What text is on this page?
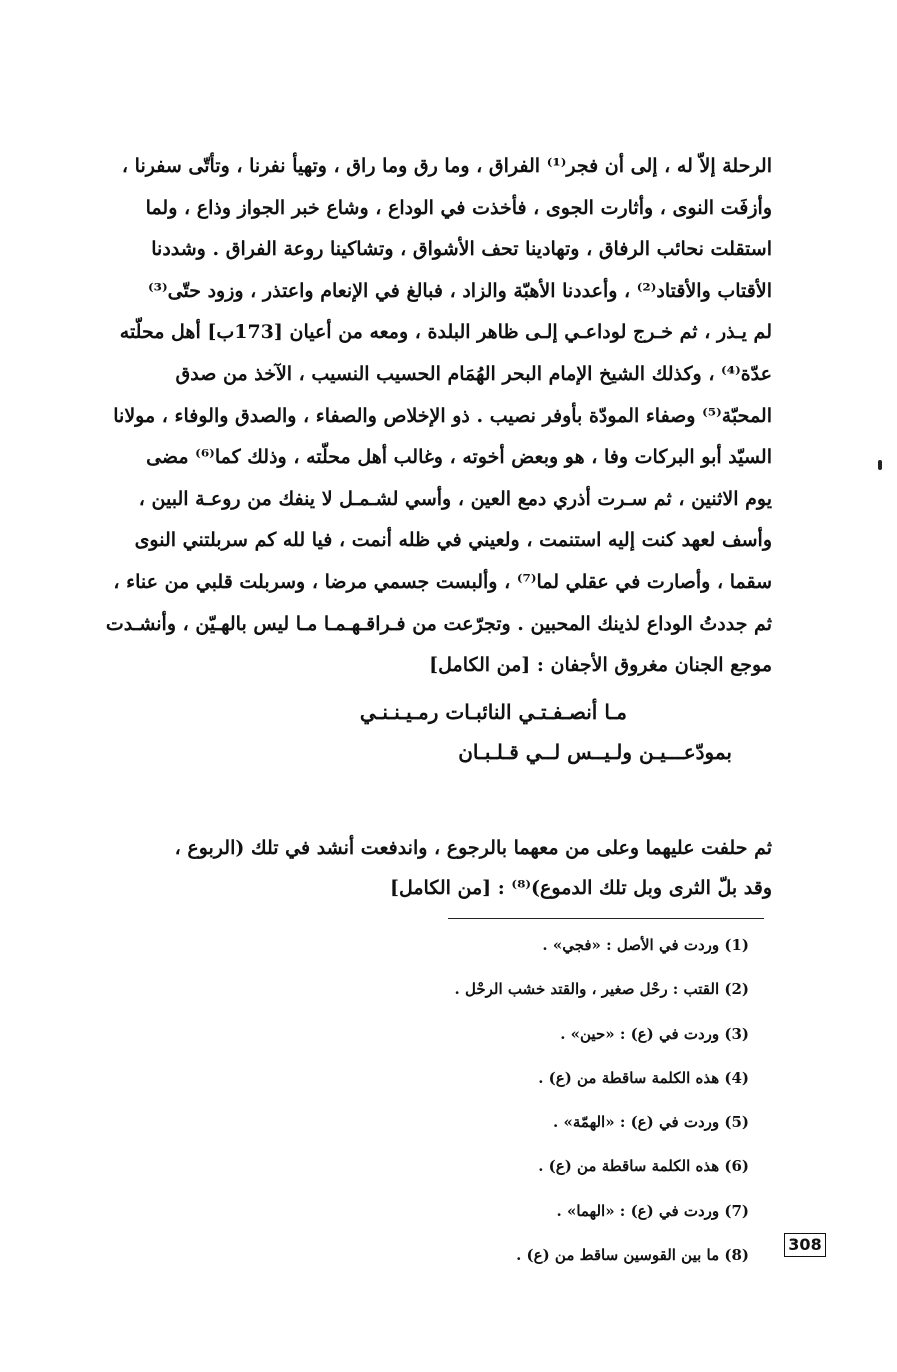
الرحلة إلاّ له ، إلى أن فجر⁽¹⁾ الفراق ، وما رق وما راق ، وتهيأ نفرنا ، وتأتّى سفرنا ،
وأزفَت النوى ، وأثارت الجوى ، فأخذت في الوداع ، وشاع خبر الجواز وذاع ، ولما
استقلت نحائب الرفاق ، وتهادينا تحف الأشواق ، وتشاكينا روعة الفراق . وشددنا
الأقتاب والأقتاد⁽²⁾ ، وأعددنا الأهبّة والزاد ، فبالغ في الإنعام واعتذر ، وزود حتّى⁽³⁾
لم يـذر ، ثم خـرج لوداعـي إلـى ظاهر البلدة ، ومعه من أعيان [173ب] أهل محلّته
عدّة⁽⁴⁾ ، وكذلك الشيخ الإمام البحر الهُمَام الحسيب النسيب ، الآخذ من صدق
المحبّة⁽⁵⁾ وصفاء المودّة بأوفر نصيب . ذو الإخلاص والصفاء ، والصدق والوفاء ، مولانا
السيّد أبو البركات وفا ، هو وبعض أخوته ، وغالب أهل محلّته ، وذلك كما⁽⁶⁾ مضى
يوم الاثنين ، ثم سـرت أذري دمع العين ، وأسي لشـمـل لا ينفك من روعـة البين ،
وأسف لعهد كنت إليه استنمت ، ولعيني في ظله أنمت ، فيا لله كم سربلتني النوى
سقما ، وأصارت في عقلي لما⁽⁷⁾ ، وألبست جسمي مرضا ، وسربلت قلبي من عناء ،
ثم جددتُ الوداع لذينك المحبين . وتجرّعت من فـراقـهـمـا مـا ليس بالهـيّن ، وأنشـدت
موجع الجنان مغروق الأجفان : [من الكامل]
مـا أنصـفـتـي النائبـات رمـيـنـنـي
بمودّعـــيـن ولـيــس لــي قـلـبـان
ثم حلفت عليهما وعلى من معهما بالرجوع ، واندفعت أنشد في تلك (الربوع ،
وقد بلّ الثرى وبل تلك الدموع)⁽⁸⁾ : [من الكامل]
(1) وردت في الأصل : «فجي» .
(2) القتب : رحْل صغير ، والقتد خشب الرحْل .
(3) وردت في (ع) : «حين» .
(4) هذه الكلمة ساقطة من (ع) .
(5) وردت في (ع) : «الهمّة» .
(6) هذه الكلمة ساقطة من (ع) .
(7) وردت في (ع) : «الهما» .
(8) ما بين القوسين ساقط من (ع) .
308
